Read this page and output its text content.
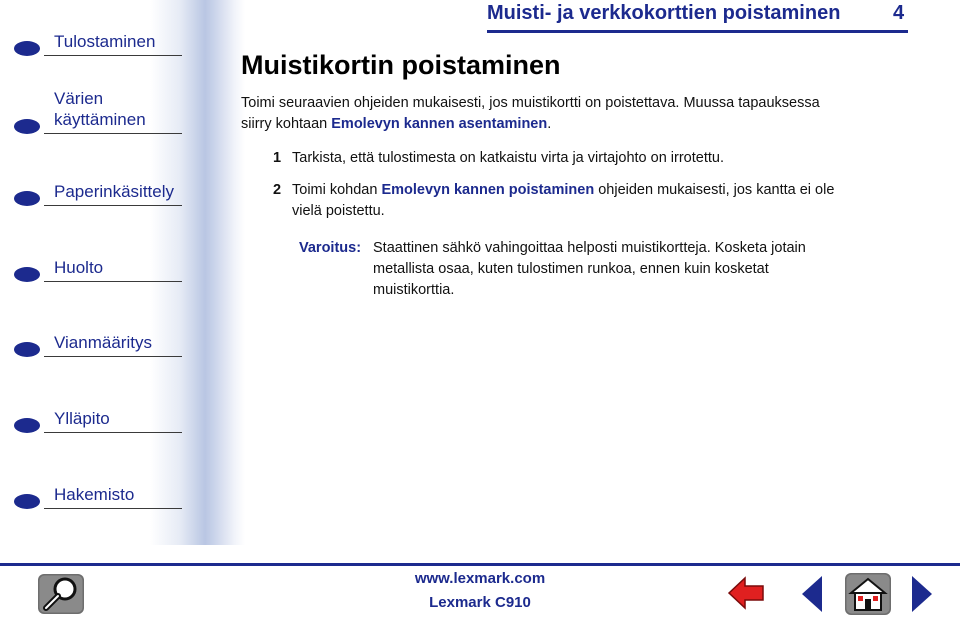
Tulostaminen
Värien käyttäminen
Paperinkäsittely
Huolto
Vianmääritys
Ylläpito
Hakemisto
Muisti- ja verkkokorttien poistaminen	4
Muistikortin poistaminen
Toimi seuraavien ohjeiden mukaisesti, jos muistikortti on poistettava. Muussa tapauksessa
siirry kohtaan Emolevyn kannen asentaminen.
1 Tarkista, että tulostimesta on katkaistu virta ja virtajohto on irrotettu.
2 Toimi kohdan Emolevyn kannen poistaminen ohjeiden mukaisesti, jos kantta ei ole
vielä poistettu.
Varoitus: Staattinen sähkö vahingoittaa helposti muistikortteja. Kosketa jotain
metallista osaa, kuten tulostimen runkoa, ennen kuin kosketat
muistikorttia.
www.lexmark.com
Lexmark C910
